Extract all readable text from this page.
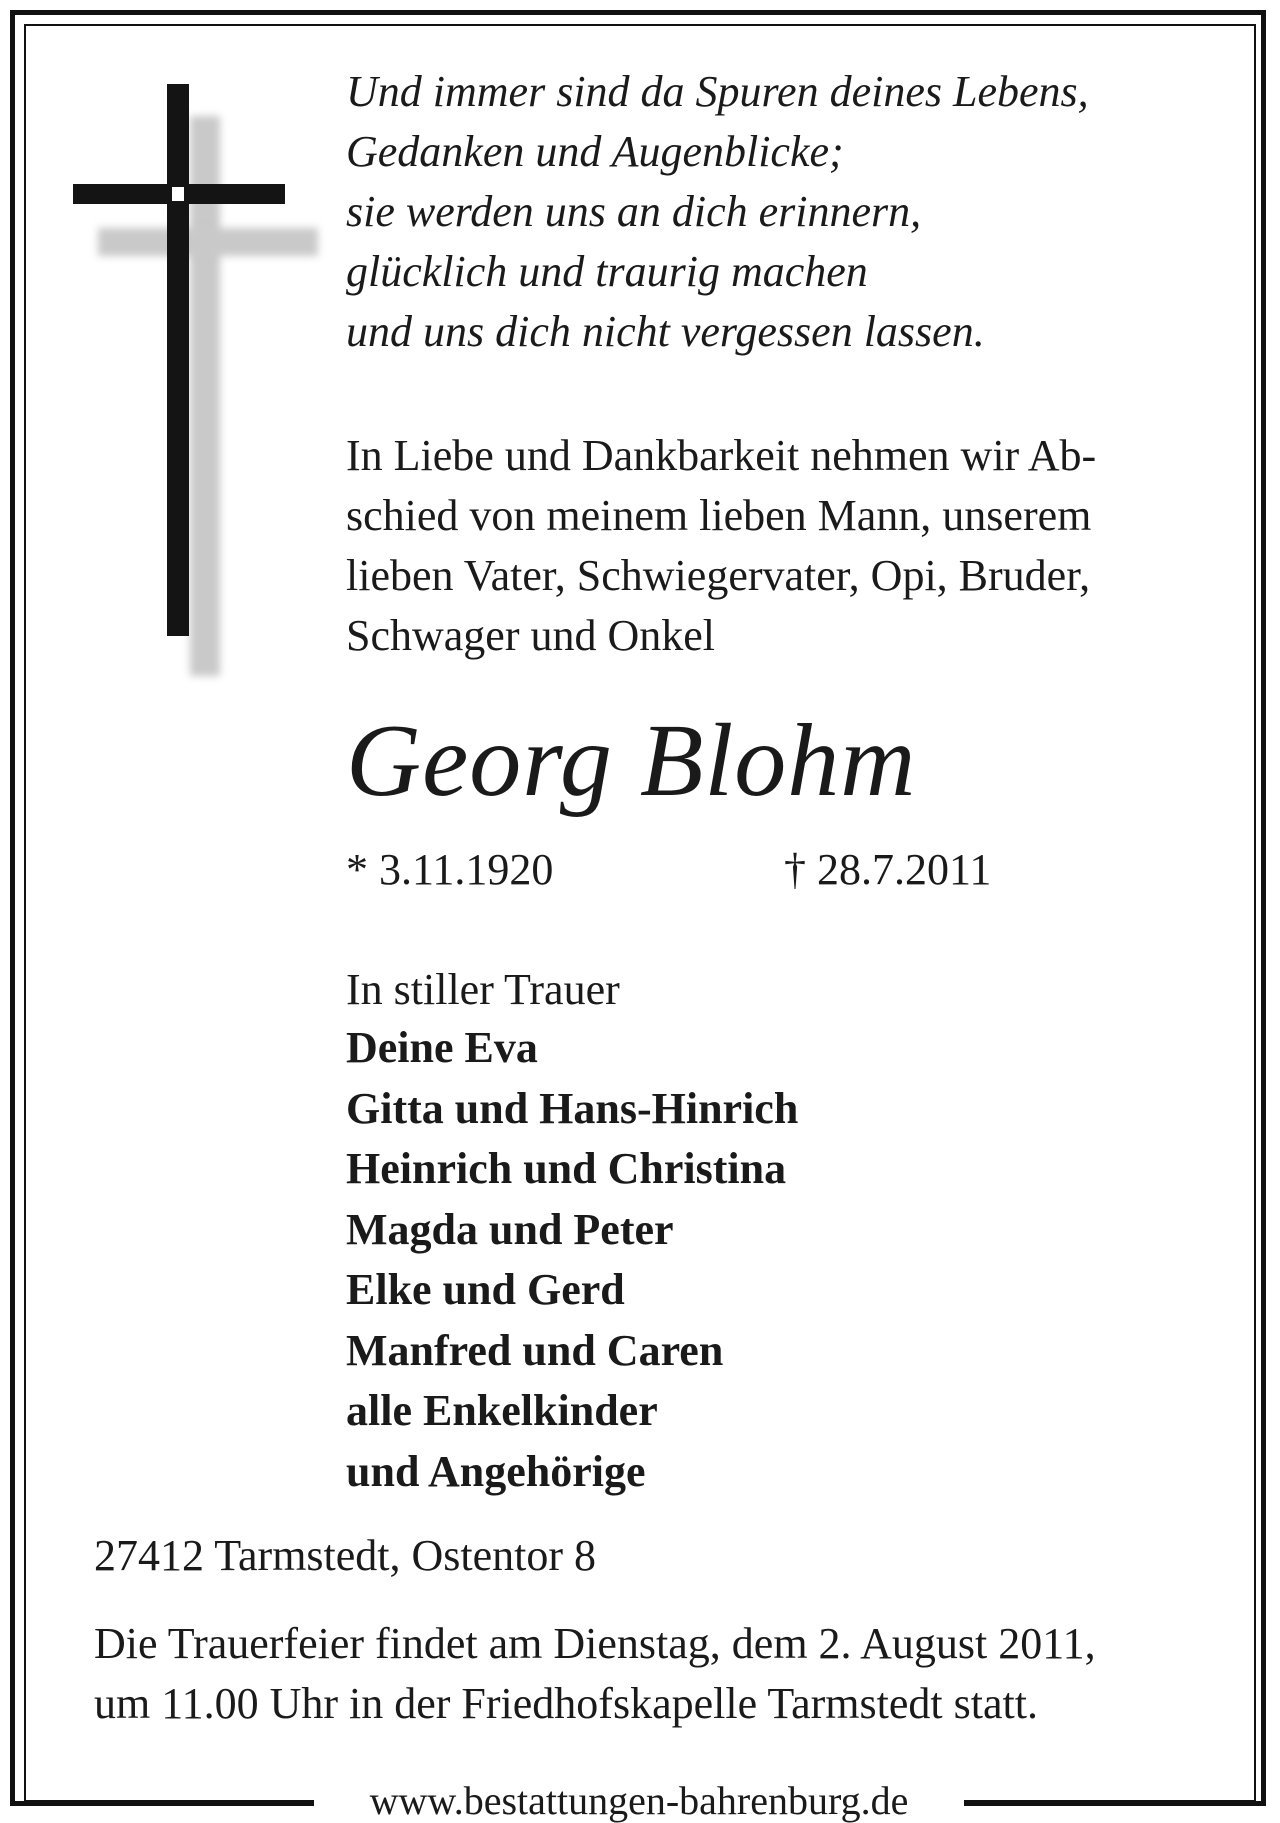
Und immer sind da Spuren deines Lebens,
Gedanken und Augenblicke;
sie werden uns an dich erinnern,
glücklich und traurig machen
und uns dich nicht vergessen lassen.
In Liebe und Dankbarkeit nehmen wir Ab-
schied von meinem lieben Mann, unserem
lieben Vater, Schwiegervater, Opi, Bruder,
Schwager und Onkel
Georg Blohm
* 3.11.1920	† 28.7.2011
In stiller Trauer
Deine Eva
Gitta und Hans-Hinrich
Heinrich und Christina
Magda und Peter
Elke und Gerd
Manfred und Caren
alle Enkelkinder
und Angehörige
27412 Tarmstedt, Ostentor 8
Die Trauerfeier findet am Dienstag, dem 2. August 2011,
um 11.00 Uhr in der Friedhofskapelle Tarmstedt statt.
www.bestattungen-bahrenburg.de
